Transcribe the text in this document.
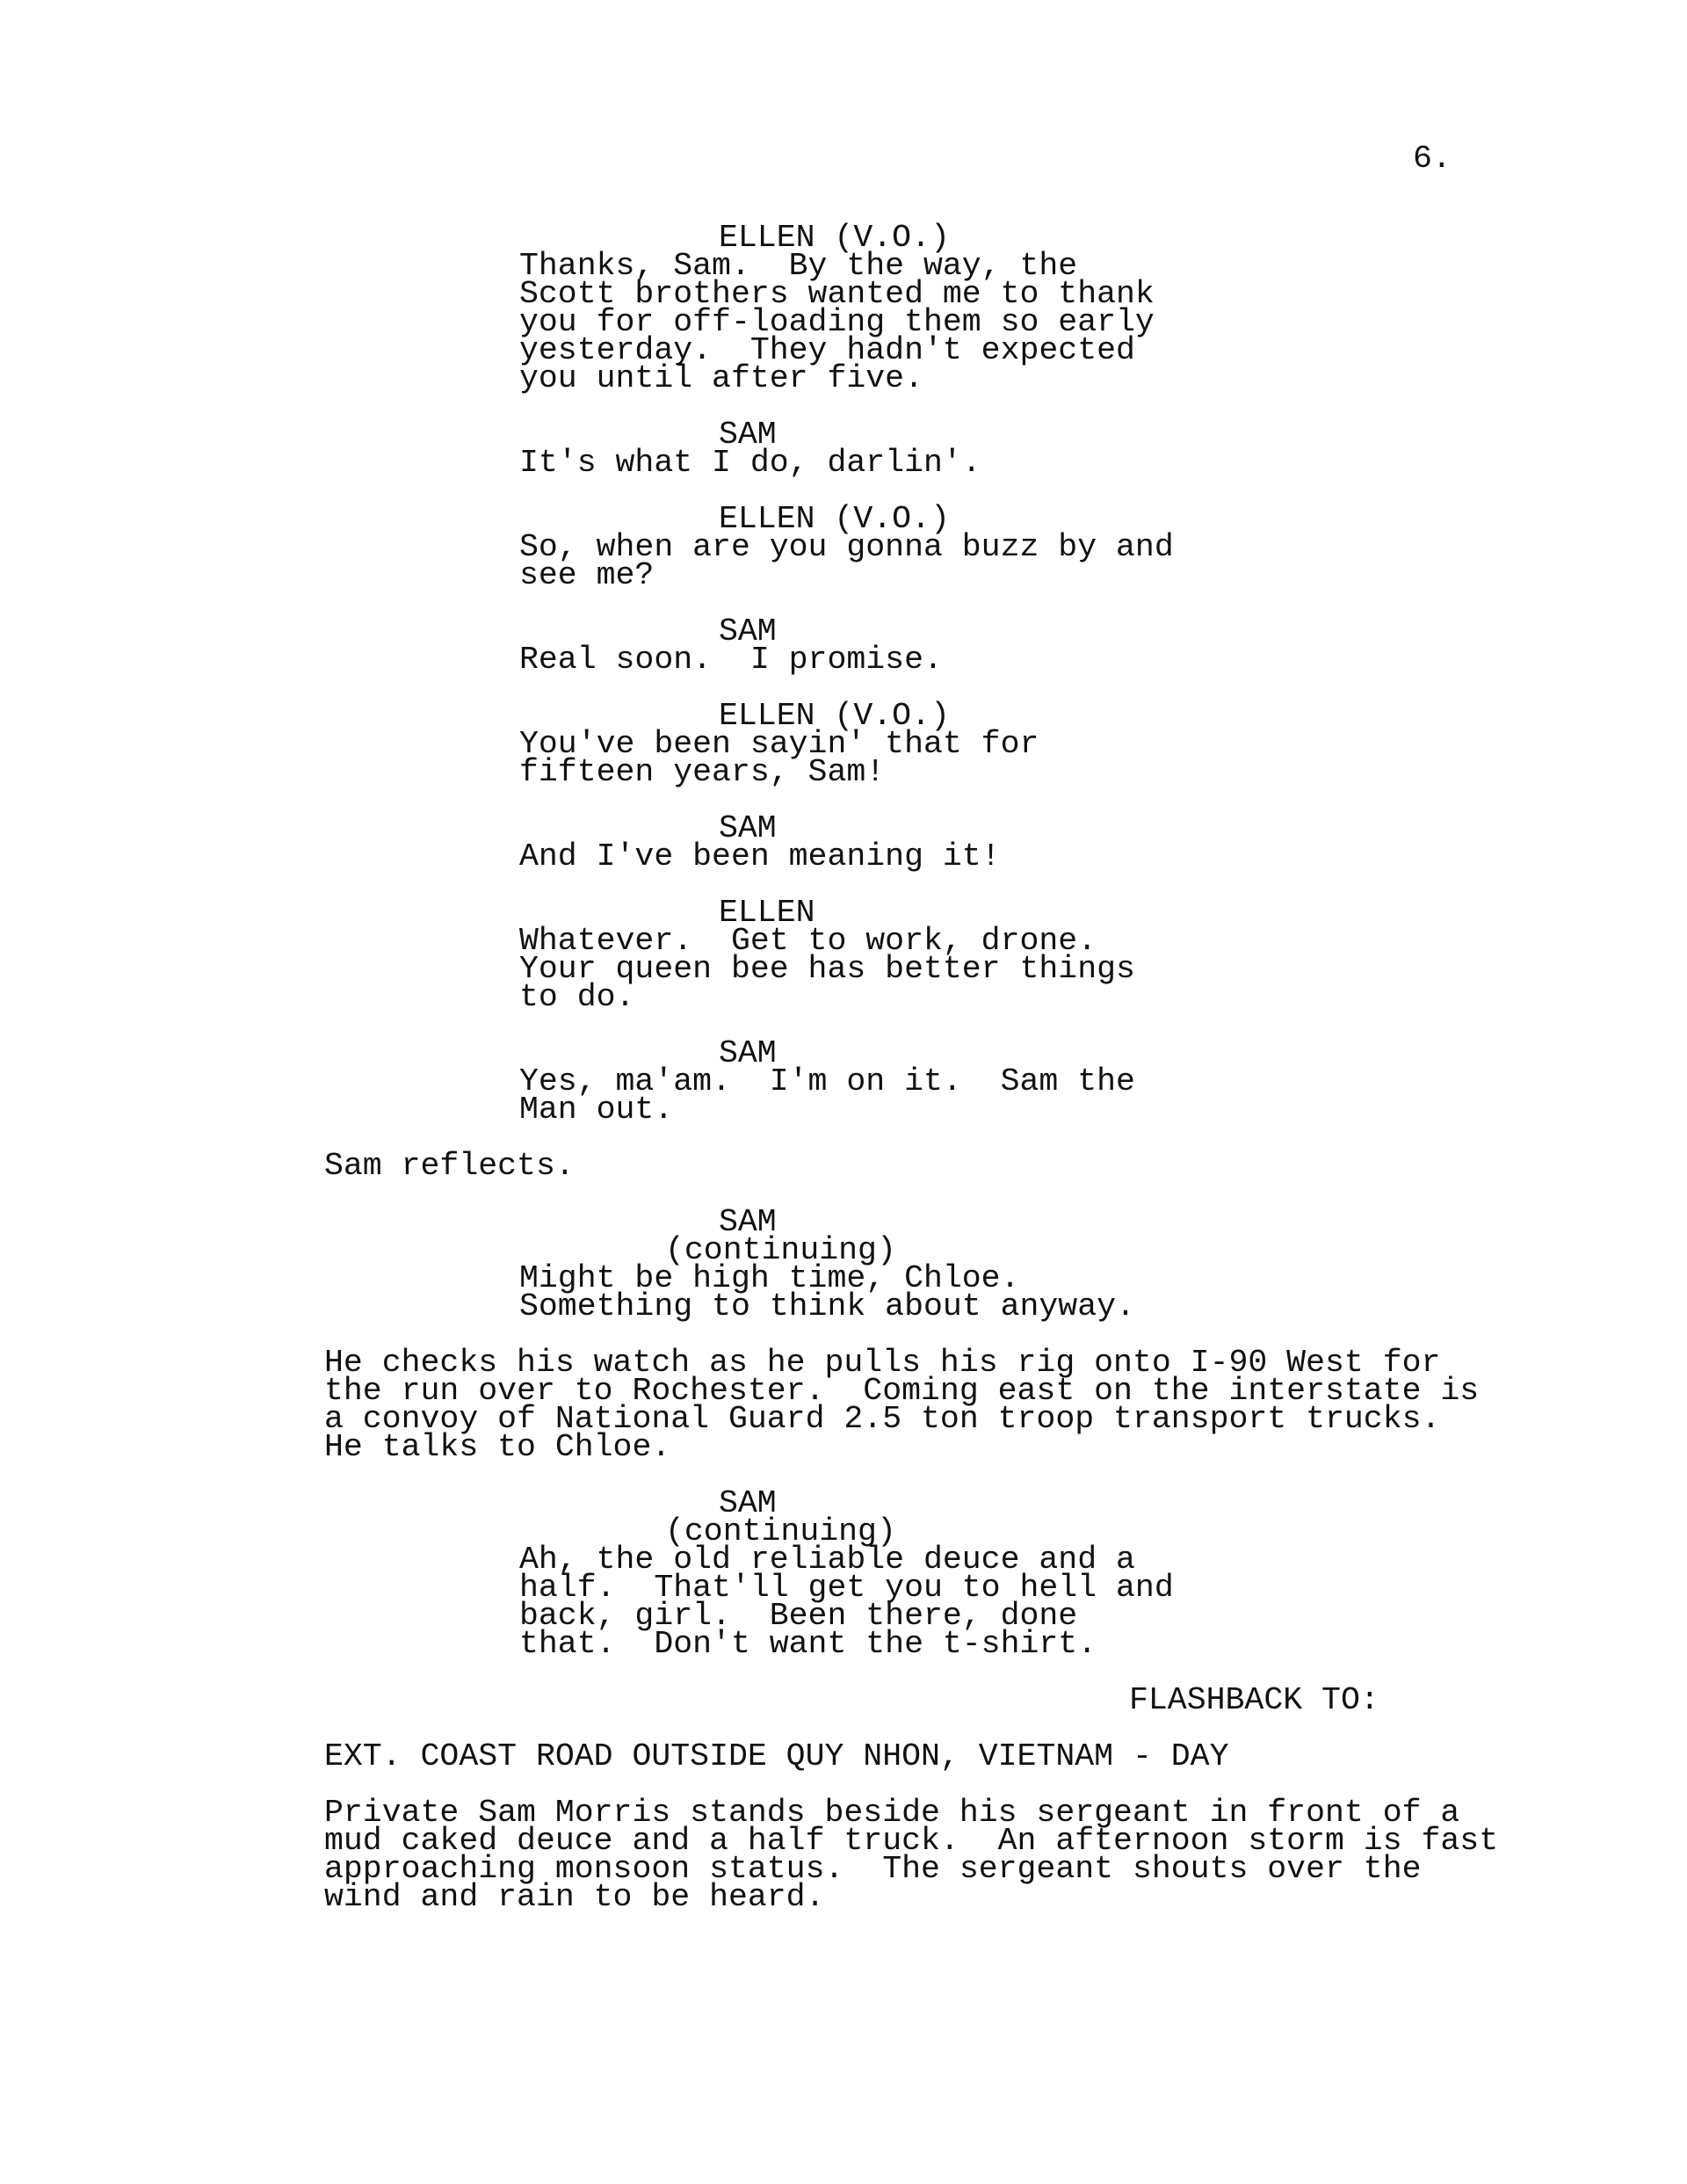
6.
ELLEN (V.O.)
Thanks, Sam.  By the way, the
Scott brothers wanted me to thank
you for off-loading them so early
yesterday.  They hadn't expected
you until after five.
SAM
It's what I do, darlin'.
ELLEN (V.O.)
So, when are you gonna buzz by and
see me?
SAM
Real soon.  I promise.
ELLEN (V.O.)
You've been sayin' that for
fifteen years, Sam!
SAM
And I've been meaning it!
ELLEN
Whatever.  Get to work, drone.
Your queen bee has better things
to do.
SAM
Yes, ma'am.  I'm on it.  Sam the
Man out.
Sam reflects.
SAM
(continuing)
Might be high time, Chloe.
Something to think about anyway.
He checks his watch as he pulls his rig onto I-90 West for
the run over to Rochester.  Coming east on the interstate is
a convoy of National Guard 2.5 ton troop transport trucks.
He talks to Chloe.
SAM
(continuing)
Ah, the old reliable deuce and a
half.  That'll get you to hell and
back, girl.  Been there, done
that.  Don't want the t-shirt.
FLASHBACK TO:
EXT. COAST ROAD OUTSIDE QUY NHON, VIETNAM - DAY
Private Sam Morris stands beside his sergeant in front of a
mud caked deuce and a half truck.  An afternoon storm is fast
approaching monsoon status.  The sergeant shouts over the
wind and rain to be heard.
